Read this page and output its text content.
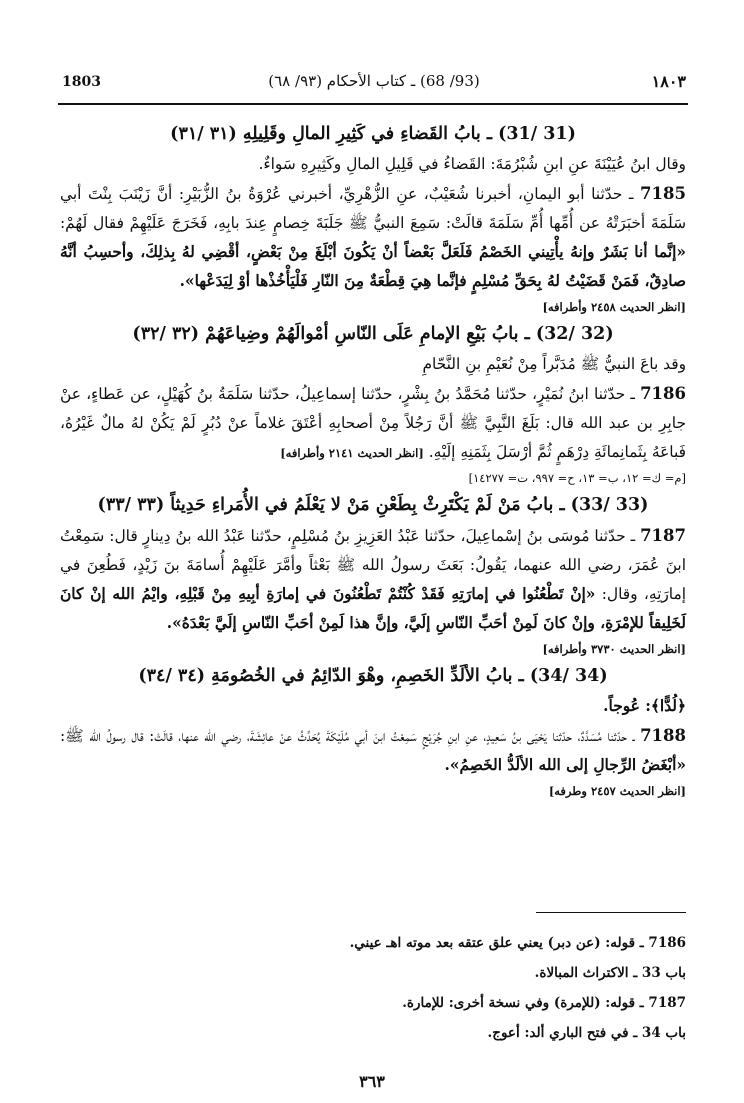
1803	(93/ 68) ـ كتاب الأحكام (٩٣/ ٦٨)	١٨٠٣

(31 /31) ـ بابُ القَضاءِ في كَثِيرِ المالِ وقَلِيلِهِ (٣١ /٣١)

وقال ابنُ عُيَيْنَةَ عنِ ابنِ شُبْرُمَةَ: القَضاءُ في قَلِيلِ المالِ وكَثِيرِهِ سَواءٌ.

7185 ـ حدّثنا أبو اليمانِ، أخبرنا شُعَيْبٌ، عنِ الزُّهْرِيِّ، أخبرني عُرْوَةُ بنُ الزُّبَيْرِ: أنَّ زَيْنَبَ بِنْتَ أبي سَلَمَةَ أخبَرَتْهُ عن أُمِّها أُمِّ سَلَمَةَ قالَتْ: سَمِعَ النبيُّ ﷺ جَلَبَةَ خِصامٍ عِندَ بابِهِ، فَخَرَجَ عَلَيْهِمْ فقال لَهُمْ: «إنَّما أنا بَشَرٌ وإنهُ يأْتِيني الخَصْمُ فَلَعَلَّ بَعْضاً أنْ يَكُونَ أبْلَغَ مِنْ بَعْضٍ، أقْضِي لهُ بِذلِكَ، وأحسِبُ أنَّهُ صادِقٌ، فَمَنْ قَضَيْتُ لهُ بِحَقِّ مُسْلِمٍ فإنَّما هِيَ قِطْعَةٌ مِنَ النّارِ فَلْيَأْخُذْها أوْ لِيَدَعْها».

[انظر الحديث ٢٤٥٨ وأطرافه]

(32 /32) ـ بابُ بَيْعِ الإمامِ عَلَى النّاسِ أمْوالَهُمْ وضِياعَهُمْ (٣٢ /٣٢)

وقد باعَ النبيُّ ﷺ مُدَبَّراً مِنْ نُعَيْمِ بنِ النَّحّامِ

7186 ـ حدّثنا ابنُ نُمَيْرٍ، حدّثنا مُحَمَّدُ بنُ بِشْرٍ، حدّثنا إسماعِيلُ، حدّثنا سَلَمَةُ بنُ كُهَيْلٍ، عن عَطاءٍ، عنْ جابِرِ بن عبد الله قال: بَلَغَ النَّبِيَّ ﷺ أنَّ رَجُلاً مِنْ أصحابِهِ أعْتَقَ غلاماً عنْ دُبُرٍ لَمْ يَكُنْ لهُ مالٌ غَيْرُهُ، فَباعَهُ بِثَمانِمائَةِ دِرْهَمٍ ثُمَّ أرْسَلَ بِثَمَنِهِ إلَيْهِ. [انظر الحديث ٢١٤١ وأطرافه]

[م= ك= ١٢، ب= ١٣، ح= ٩٩٧، ت= ١٤٢٧٧]

(33 /33) ـ بابُ مَنْ لَمْ يَكْتَرِثْ بِطَعْنِ مَنْ لا يَعْلَمُ في الأُمَراءِ حَدِيثاً (٣٣ /٣٣)

7187 ـ حدّثنا مُوسَى بنُ إسْماعِيلَ، حدّثنا عَبْدُ العَزِيزِ بنُ مُسْلِمٍ، حدّثنا عَبْدُ الله بنُ دِينارٍ قال: سَمِعْتُ ابنَ عُمَرَ، رضي الله عنهما، يَقُولُ: بَعَثَ رسولُ الله ﷺ بَعْثاً وأمَّرَ عَلَيْهِمْ أُسامَةَ بنَ زَيْدٍ، فَطُعِنَ في إمارَتِهِ، وقال: «إنْ تَطْعُنُوا في إمارَتِهِ فَقَدْ كُنْتُمْ تَطْعُنُونَ في إمارَةِ أبِيهِ مِنْ قَبْلِهِ، وايْمُ الله إنْ كانَ لَخَلِيقاً للإمْرَةِ، وإنْ كانَ لَمِنْ أحَبِّ النّاسِ إلَيَّ، وإنَّ هذا لَمِنْ أحَبِّ النّاسِ إلَيَّ بَعْدَهُ».

[انظر الحديث ٣٧٣٠ وأطرافه]

(34 /34) ـ بابُ الألَدِّ الخَصِمِ، وهْوَ الدّائِمُ في الخُصُومَةِ (٣٤ /٣٤)

﴿لُدًّا﴾: عُوجاً.

7188 ـ حدّثنا مُسَدَّدٌ، حدّثنا يَحْيَى بنُ سَعِيدٍ، عنِ ابنِ جُرَيْجٍ سَمِعْتُ ابنَ أبي مُلَيْكَةَ يُحَدِّثُ عنْ عائِشَةَ، رضي الله عنها، قالَتْ: قال رسولُ الله ﷺ: «أبْغَضُ الرِّجالِ إلى الله الألَدُّ الخَصِمُ».

[انظر الحديث ٢٤٥٧ وطرفه]

7186 ـ قوله: (عن دبر) يعني علق عتقه بعد موته اهـ عيني.

باب 33 ـ الاكتراث المبالاة.

7187 ـ قوله: (للإمرة) وفي نسخة أخرى: للإمارة.

باب 34 ـ في فتح الباري ألد: أعوج.

٣٦٣
